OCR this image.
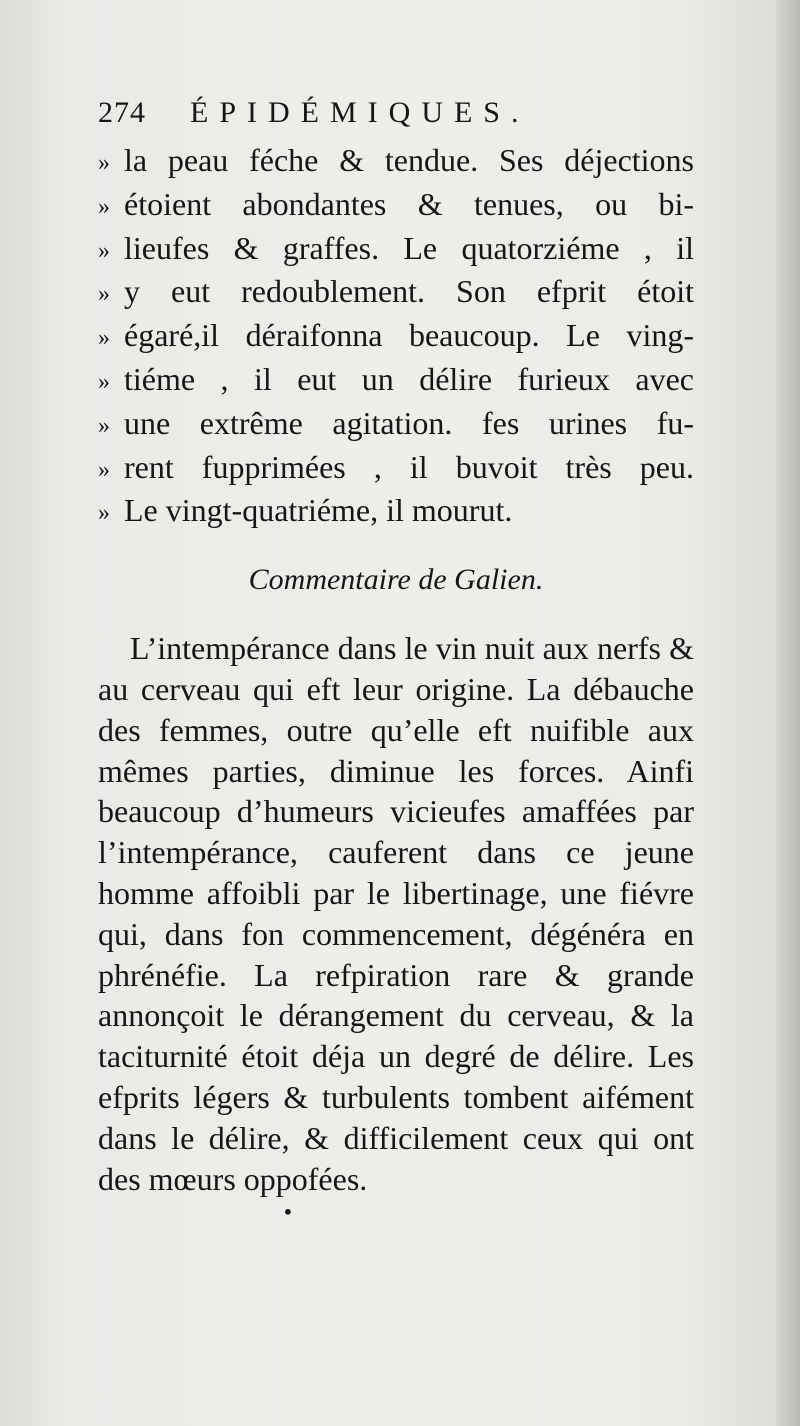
274	ÉPIDÉMIQUES.
» la peau féche & tendue. Ses déjections
» étoient abondantes & tenues, ou bi-
» lieufes & graffes. Le quatorziéme , il
» y eut redoublement. Son efprit étoit
» égaré,il déraifonna beaucoup. Le ving-
» tiéme , il eut un délire furieux avec
» une extrême agitation. fes urines fu-
» rent fupprimées , il buvoit très peu.
» Le vingt-quatriéme, il mourut.
Commentaire de Galien.

L’intempérance dans le vin nuit aux nerfs & au cerveau qui eft leur origine. La débauche des femmes, outre qu’elle eft nuifible aux mêmes parties, diminue les forces. Ainfi beaucoup d’humeurs vicieufes amaffées par l’intempérance, cauferent dans ce jeune homme affoibli par le libertinage, une fiévre qui, dans fon commencement, dégénéra en phrénéfie. La refpiration rare & grande annonçoit le dérangement du cerveau, & la taciturnité étoit déja un degré de délire. Les efprits légers & turbulents tombent aifément dans le délire, & difficilement ceux qui ont des mœurs oppofées.

•
